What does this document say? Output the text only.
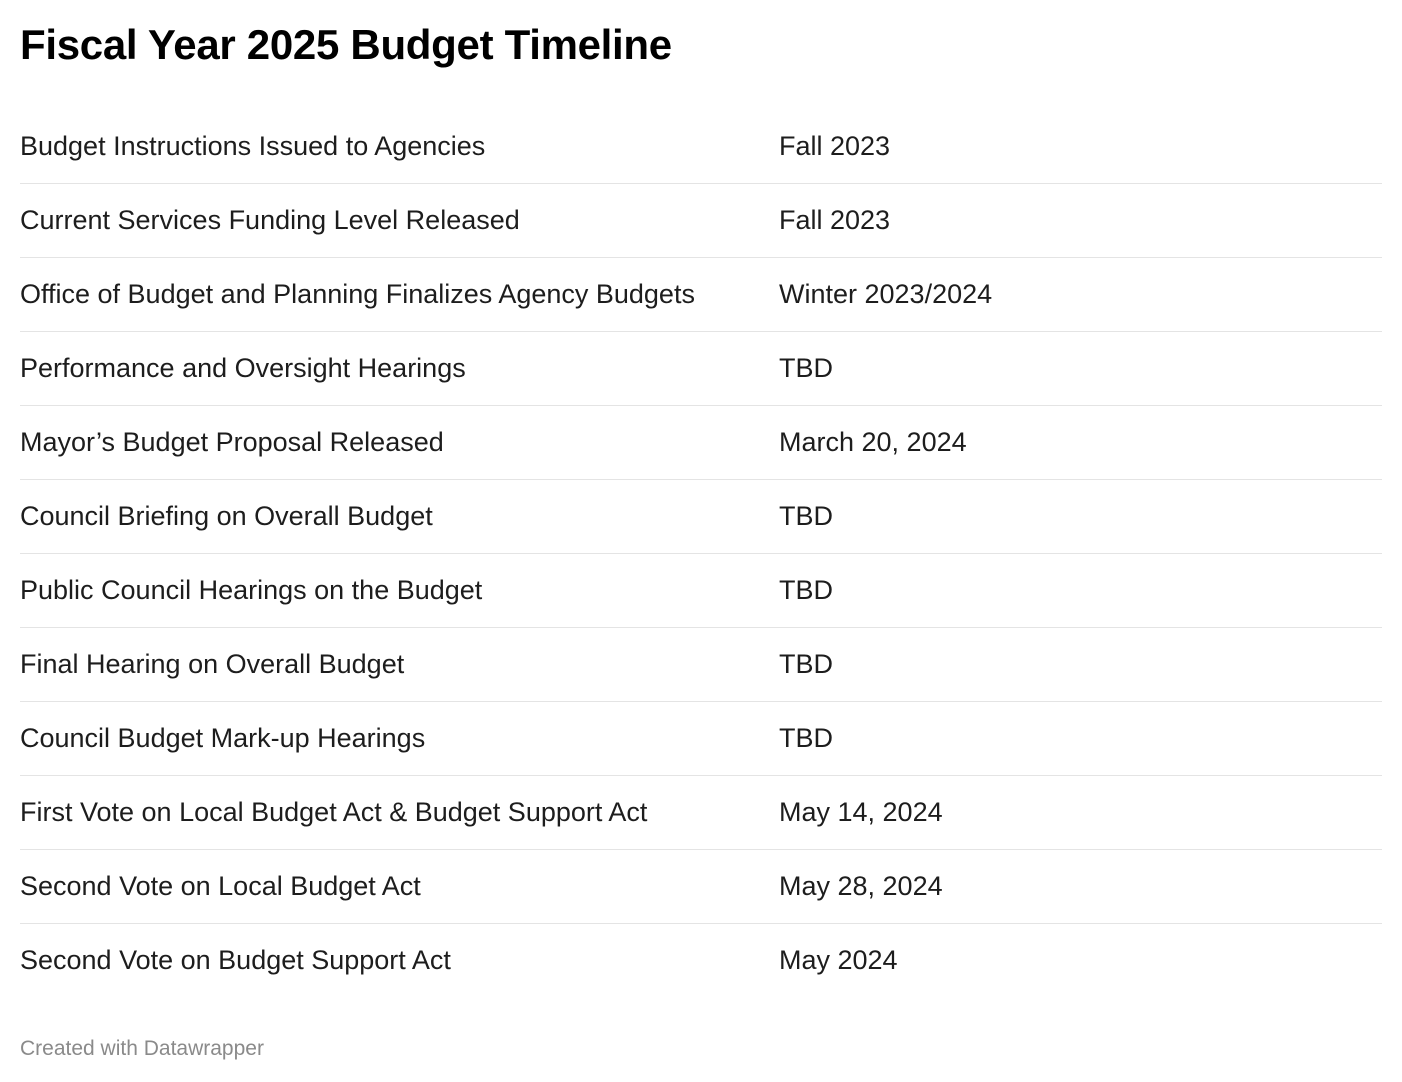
Fiscal Year 2025 Budget Timeline
Budget Instructions Issued to Agencies	Fall 2023
Current Services Funding Level Released	Fall 2023
Office of Budget and Planning Finalizes Agency Budgets	Winter 2023/2024
Performance and Oversight Hearings	TBD
Mayor’s Budget Proposal Released	March 20, 2024
Council Briefing on Overall Budget	TBD
Public Council Hearings on the Budget	TBD
Final Hearing on Overall Budget	TBD
Council Budget Mark-up Hearings	TBD
First Vote on Local Budget Act & Budget Support Act	May 14, 2024
Second Vote on Local Budget Act	May 28, 2024
Second Vote on Budget Support Act	May 2024
Created with Datawrapper
